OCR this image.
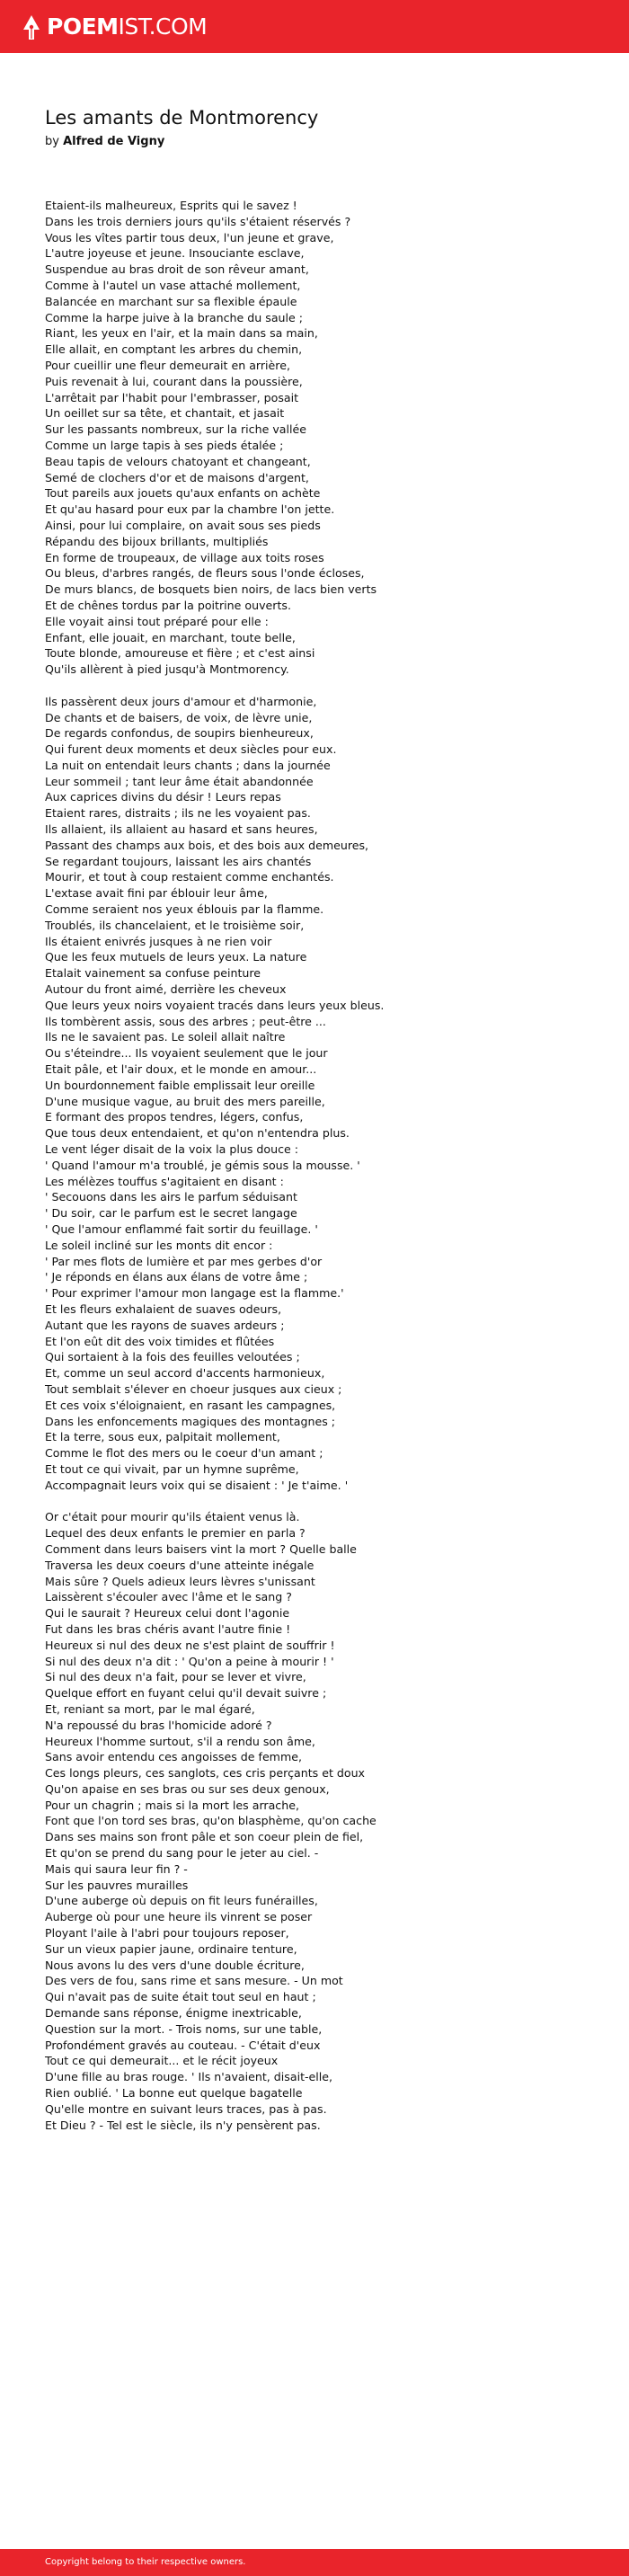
POEMIST.COM
Les amants de Montmorency
by Alfred de Vigny
Etaient-ils malheureux, Esprits qui le savez !
Dans les trois derniers jours qu'ils s'étaient réservés ?
Vous les vîtes partir tous deux, l'un jeune et grave,
L'autre joyeuse et jeune. Insouciante esclave,
Suspendue au bras droit de son rêveur amant,
Comme à l'autel un vase attaché mollement,
Balancée en marchant sur sa flexible épaule
Comme la harpe juive à la branche du saule ;
Riant, les yeux en l'air, et la main dans sa main,
Elle allait, en comptant les arbres du chemin,
Pour cueillir une fleur demeurait en arrière,
Puis revenait à lui, courant dans la poussière,
L'arrêtait par l'habit pour l'embrasser, posait
Un oeillet sur sa tête, et chantait, et jasait
Sur les passants nombreux, sur la riche vallée
Comme un large tapis à ses pieds étalée ;
Beau tapis de velours chatoyant et changeant,
Semé de clochers d'or et de maisons d'argent,
Tout pareils aux jouets qu'aux enfants on achète
Et qu'au hasard pour eux par la chambre l'on jette.
Ainsi, pour lui complaire, on avait sous ses pieds
Répandu des bijoux brillants, multipliés
En forme de troupeaux, de village aux toits roses
Ou bleus, d'arbres rangés, de fleurs sous l'onde écloses,
De murs blancs, de bosquets bien noirs, de lacs bien verts
Et de chênes tordus par la poitrine ouverts.
Elle voyait ainsi tout préparé pour elle :
Enfant, elle jouait, en marchant, toute belle,
Toute blonde, amoureuse et fière ; et c'est ainsi
Qu'ils allèrent à pied jusqu'à Montmorency.
Ils passèrent deux jours d'amour et d'harmonie,
De chants et de baisers, de voix, de lèvre unie,
De regards confondus, de soupirs bienheureux,
Qui furent deux moments et deux siècles pour eux.
La nuit on entendait leurs chants ; dans la journée
Leur sommeil ; tant leur âme était abandonnée
Aux caprices divins du désir ! Leurs repas
Etaient rares, distraits ; ils ne les voyaient pas.
Ils allaient, ils allaient au hasard et sans heures,
Passant des champs aux bois, et des bois aux demeures,
Se regardant toujours, laissant les airs chantés
Mourir, et tout à coup restaient comme enchantés.
L'extase avait fini par éblouir leur âme,
Comme seraient nos yeux éblouis par la flamme.
Troublés, ils chancelaient, et le troisième soir,
Ils étaient enivrés jusques à ne rien voir
Que les feux mutuels de leurs yeux. La nature
Etalait vainement sa confuse peinture
Autour du front aimé, derrière les cheveux
Que leurs yeux noirs voyaient tracés dans leurs yeux bleus.
Ils tombèrent assis, sous des arbres ; peut-être ...
Ils ne le savaient pas. Le soleil allait naître
Ou s'éteindre... Ils voyaient seulement que le jour
Etait pâle, et l'air doux, et le monde en amour...
Un bourdonnement faible emplissait leur oreille
D'une musique vague, au bruit des mers pareille,
E formant des propos tendres, légers, confus,
Que tous deux entendaient, et qu'on n'entendra plus.
Le vent léger disait de la voix la plus douce :
' Quand l'amour m'a troublé, je gémis sous la mousse. '
Les mélèzes touffus s'agitaient en disant :
' Secouons dans les airs le parfum séduisant
' Du soir, car le parfum est le secret langage
' Que l'amour enflammé fait sortir du feuillage. '
Le soleil incliné sur les monts dit encor :
' Par mes flots de lumière et par mes gerbes d'or
' Je réponds en élans aux élans de votre âme ;
' Pour exprimer l'amour mon langage est la flamme.'
Et les fleurs exhalaient de suaves odeurs,
Autant que les rayons de suaves ardeurs ;
Et l'on eût dit des voix timides et flûtées
Qui sortaient à la fois des feuilles veloutées ;
Et, comme un seul accord d'accents harmonieux,
Tout semblait s'élever en choeur jusques aux cieux ;
Et ces voix s'éloignaient, en rasant les campagnes,
Dans les enfoncements magiques des montagnes ;
Et la terre, sous eux, palpitait mollement,
Comme le flot des mers ou le coeur d'un amant ;
Et tout ce qui vivait, par un hymne suprême,
Accompagnait leurs voix qui se disaient : ' Je t'aime. '
Or c'était pour mourir qu'ils étaient venus là.
Lequel des deux enfants le premier en parla ?
Comment dans leurs baisers vint la mort ? Quelle balle
Traversa les deux coeurs d'une atteinte inégale
Mais sûre ? Quels adieux leurs lèvres s'unissant
Laissèrent s'écouler avec l'âme et le sang ?
Qui le saurait ? Heureux celui dont l'agonie
Fut dans les bras chéris avant l'autre finie !
Heureux si nul des deux ne s'est plaint de souffrir !
Si nul des deux n'a dit : ' Qu'on a peine à mourir ! '
Si nul des deux n'a fait, pour se lever et vivre,
Quelque effort en fuyant celui qu'il devait suivre ;
Et, reniant sa mort, par le mal égaré,
N'a repoussé du bras l'homicide adoré ?
Heureux l'homme surtout, s'il a rendu son âme,
Sans avoir entendu ces angoisses de femme,
Ces longs pleurs, ces sanglots, ces cris perçants et doux
Qu'on apaise en ses bras ou sur ses deux genoux,
Pour un chagrin ; mais si la mort les arrache,
Font que l'on tord ses bras, qu'on blasphème, qu'on cache
Dans ses mains son front pâle et son coeur plein de fiel,
Et qu'on se prend du sang pour le jeter au ciel. -
Mais qui saura leur fin ? -
Sur les pauvres murailles
D'une auberge où depuis on fit leurs funérailles,
Auberge où pour une heure ils vinrent se poser
Ployant l'aile à l'abri pour toujours reposer,
Sur un vieux papier jaune, ordinaire tenture,
Nous avons lu des vers d'une double écriture,
Des vers de fou, sans rime et sans mesure. - Un mot
Qui n'avait pas de suite était tout seul en haut ;
Demande sans réponse, énigme inextricable,
Question sur la mort. - Trois noms, sur une table,
Profondément gravés au couteau. - C'était d'eux
Tout ce qui demeurait... et le récit joyeux
D'une fille au bras rouge. ' Ils n'avaient, disait-elle,
Rien oublié. ' La bonne eut quelque bagatelle
Qu'elle montre en suivant leurs traces, pas à pas.
Et Dieu ? - Tel est le siècle, ils n'y pensèrent pas.
Copyright belong to their respective owners.
